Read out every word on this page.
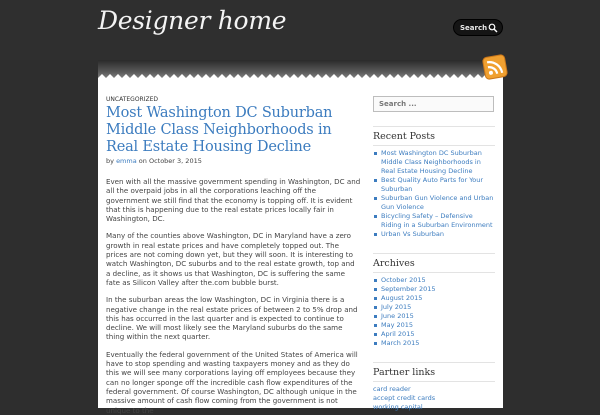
Designer home	Search .
UNCATEGORIZED
Most Washington DC Suburban Middle Class Neighborhoods in Real Estate Housing Decline
by emma on October 3, 2015

Even with all the massive government spending in Washington, DC and all the overpaid jobs in all the corporations leaching off the government we still find that the economy is topping off. It is evident that this is happening due to the real estate prices locally fair in Washington, DC.

Many of the counties above Washington, DC in Maryland have a zero growth in real estate prices and have completely topped out. The prices are not coming down yet, but they will soon. It is interesting to watch Washington, DC suburbs and to the real estate growth, top and a decline, as it shows us that Washington, DC is suffering the same fate as Silicon Valley after the.com bubble burst.

In the suburban areas the low Washington, DC in Virginia there is a negative change in the real estate prices of between 2 to 5% drop and this has occurred in the last quarter and is expected to continue to decline. We will most likely see the Maryland suburbs do the same thing within the next quarter.

Eventually the federal government of the United States of America will have to stop spending and wasting taxpayers money and as they do this we will see many corporations laying off employees because they can no longer sponge off the incredible cash flow expenditures of the federal government. Of course Washington, DC although unique in the massive amount of cash flow coming from the government is not unique to the

Search ...
Recent Posts
Most Washington DC Suburban Middle Class Neighborhoods in Real Estate Housing Decline
Best Quality Auto Parts for Your Suburban
Suburban Gun Violence and Urban Gun Violence
Bicycling Safety – Defensive Riding in a Suburban Environment
Urban Vs Suburban
Archives
October 2015
September 2015
August 2015
July 2015
June 2015
May 2015
April 2015
March 2015
Partner links
card reader
accept credit cards
working capital
